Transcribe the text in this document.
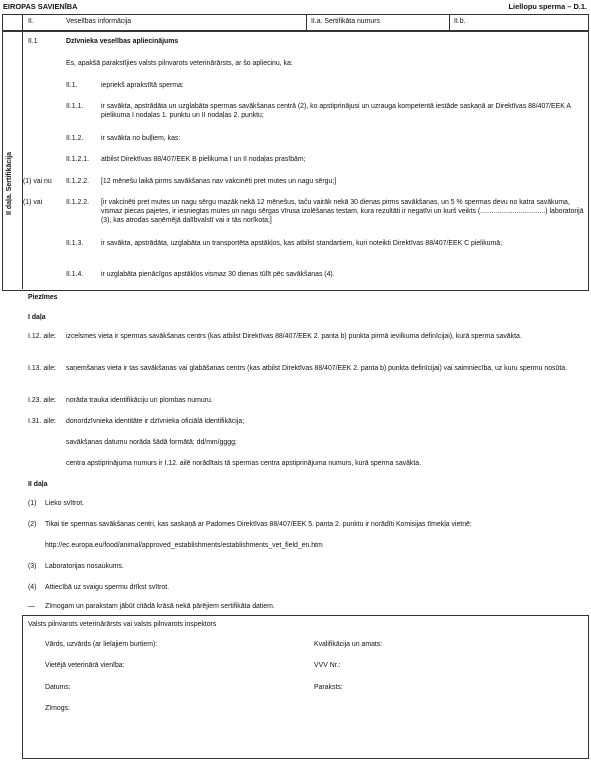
EIROPAS SAVIENĪBA	Liellopu sperma – D.1.
II.	Veselības informācija	II.a. Sertifikāta numurs	II.b.
II daļa. Sertifikācija
II.1	Dzīvnieka veselības apliecinājums
Es, apakšā parakstījies valsts pilnvarots veterinārārsts, ar šo apliecinu, ka:
II.1.	iepriekš aprakstītā sperma:
II.1.1.	ir savākta, apstrādāta un uzglabāta spermas savākšanas centrā (2), ko apstiprinājusi un uzrauga kompetentā iestāde saskaņā ar Direktīvas 88/407/EEK A pielikuma I nodaļas 1. punktu un II nodaļas 2. punktu;
II.1.2.	ir savākta no buļļiem, kas:
II.1.2.1. atbilst Direktīvas 88/407/EEK B pielikuma I un II nodaļas prasībām;
(1) vai nu II.1.2.2. [12 mēnešu laikā pirms savākšanas nav vakcinēti pret mutes un nagu sērgu;]
(1) vai	II.1.2.2. [ir vakcinēti pret mutes un nagu sērgu mazāk nekā 12 mēnešus, taču vairāk nekā 30 dienas pirms savākšanas, un 5 % spermas devu no katra savākuma, vismaz piecas pajetes, ir iesniegtas mutes un nagu sērgas vīrusa izolēšanas testam, kura rezultāti ir negatīvi un kurš veikts (..................................) laboratorijā (3), kas atrodas saņēmējā dalībvalstī vai ir tās norīkota;]
II.1.3.	ir savākta, apstrādāta, uzglabāta un transportēta apstākļos, kas atbilst standartiem, kuri noteikti Direktīvas 88/407/EEK C pielikumā;
II.1.4.	ir uzglabāta pienācīgos apstākļos vismaz 30 dienas tūlīt pēc savākšanas (4).
Piezīmes
I daļa
I.12. aile: izcelsmes vieta ir spermas savākšanas centrs (kas atbilst Direktīvas 88/407/EEK 2. panta b) punkta pirmā ievilkuma definīcijai), kurā sperma savākta.
I.13. aile: saņemšanas vieta ir tas savākšanas vai glabāšanas centrs (kas atbilst Direktīvas 88/407/EEK 2. panta b) punkta definīcijai) vai saimniecība, uz kuru spermu nosūta.
I.23. aile: norāda trauka identifikāciju un plombas numuru.
I.31. aile: donordzīvnieka identitāte ir dzīvnieka oficiālā identifikācija;
savākšanas datumu norāda šādā formātā: dd/mm/gggg;
centra apstiprinājuma numurs ir I.12. ailē norādītais tā spermas centra apstiprinājuma numurs, kurā sperma savākta.
II daļa
(1) Lieko svītrot.
(2) Tikai tie spermas savākšanas centri, kas saskaņā ar Padomes Direktīvas 88/407/EEK 5. panta 2. punktu ir norādīti Komisijas tīmekļa vietnē:
http://ec.europa.eu/food/animal/approved_establishments/establishments_vet_field_en.htm
(3) Laboratorijas nosaukums.
(4) Attiecībā uz svaigu spermu drīkst svītrot.
— Zīmogam un parakstam jābūt citādā krāsā nekā pārējiem sertifikāta datiem.
Valsts pilnvarots veterinārārsts vai valsts pilnvarots inspektors
Vārds, uzvārds (ar lielajiem burtiem):	Kvalifikācija un amats:
Vietējā veterinārā vienība:	VVV Nr.:
Datums:	Paraksts:
Zīmogs:
